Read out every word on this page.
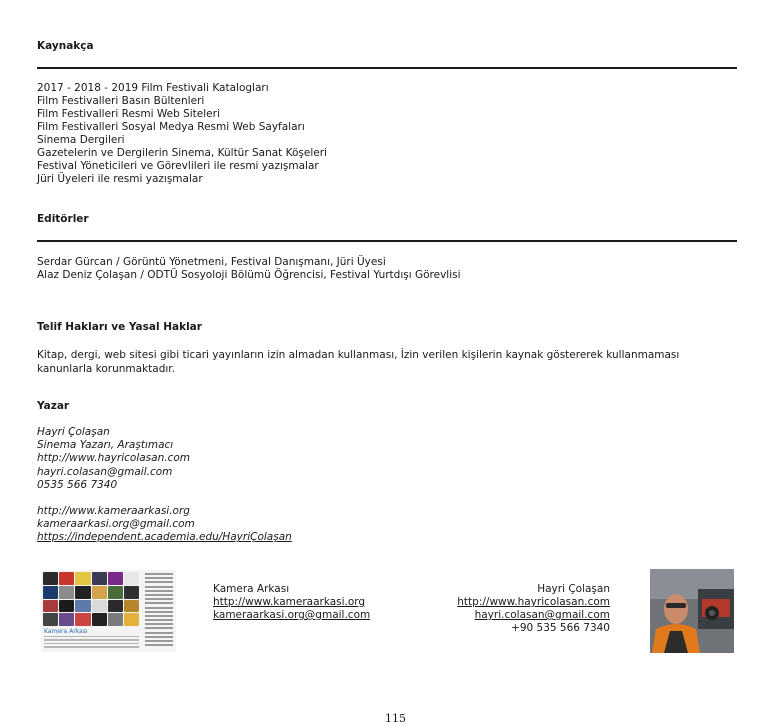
Kaynakça
2017 - 2018 - 2019 Film Festivali Katalogları
Film Festivalleri Basın Bültenleri
Film Festivalleri Resmi Web Siteleri
Film Festivalleri Sosyal Medya Resmi Web Sayfaları
Sinema Dergileri
Gazetelerin ve Dergilerin Sinema, Kültür Sanat Köşeleri
Festival Yöneticileri ve Görevlileri ile resmi yazışmalar
Jüri Üyeleri ile resmi yazışmalar
Editörler
Serdar Gürcan / Görüntü Yönetmeni, Festival Danışmanı, Jüri Üyesi
Alaz Deniz Çolaşan / ODTÜ Sosyoloji Bölümü Öğrencisi, Festival Yurtdışı Görevlisi
Telif Hakları ve Yasal Haklar
Kitap, dergi, web sitesi gibi ticari yayınların izin almadan kullanması, İzin verilen kişilerin kaynak göstererek kullanmaması kanunlarla korunmaktadır.
Yazar
Hayri Çolaşan
Sinema Yazarı, Araştımacı
http://www.hayricolasan.com
hayri.colasan@gmail.com
0535 566 7340
http://www.kameraarkasi.org
kameraarkasi.org@gmail.com
https://independent.academia.edu/HayriÇolaşan
Kamera Arkası
Kamera Arkası
http://www.kameraarkasi.org
kameraarkasi.org@gmail.com
Hayri Çolaşan
http://www.hayricolasan.com
hayri.colasan@gmail.com
+90 535 566 7340
115
